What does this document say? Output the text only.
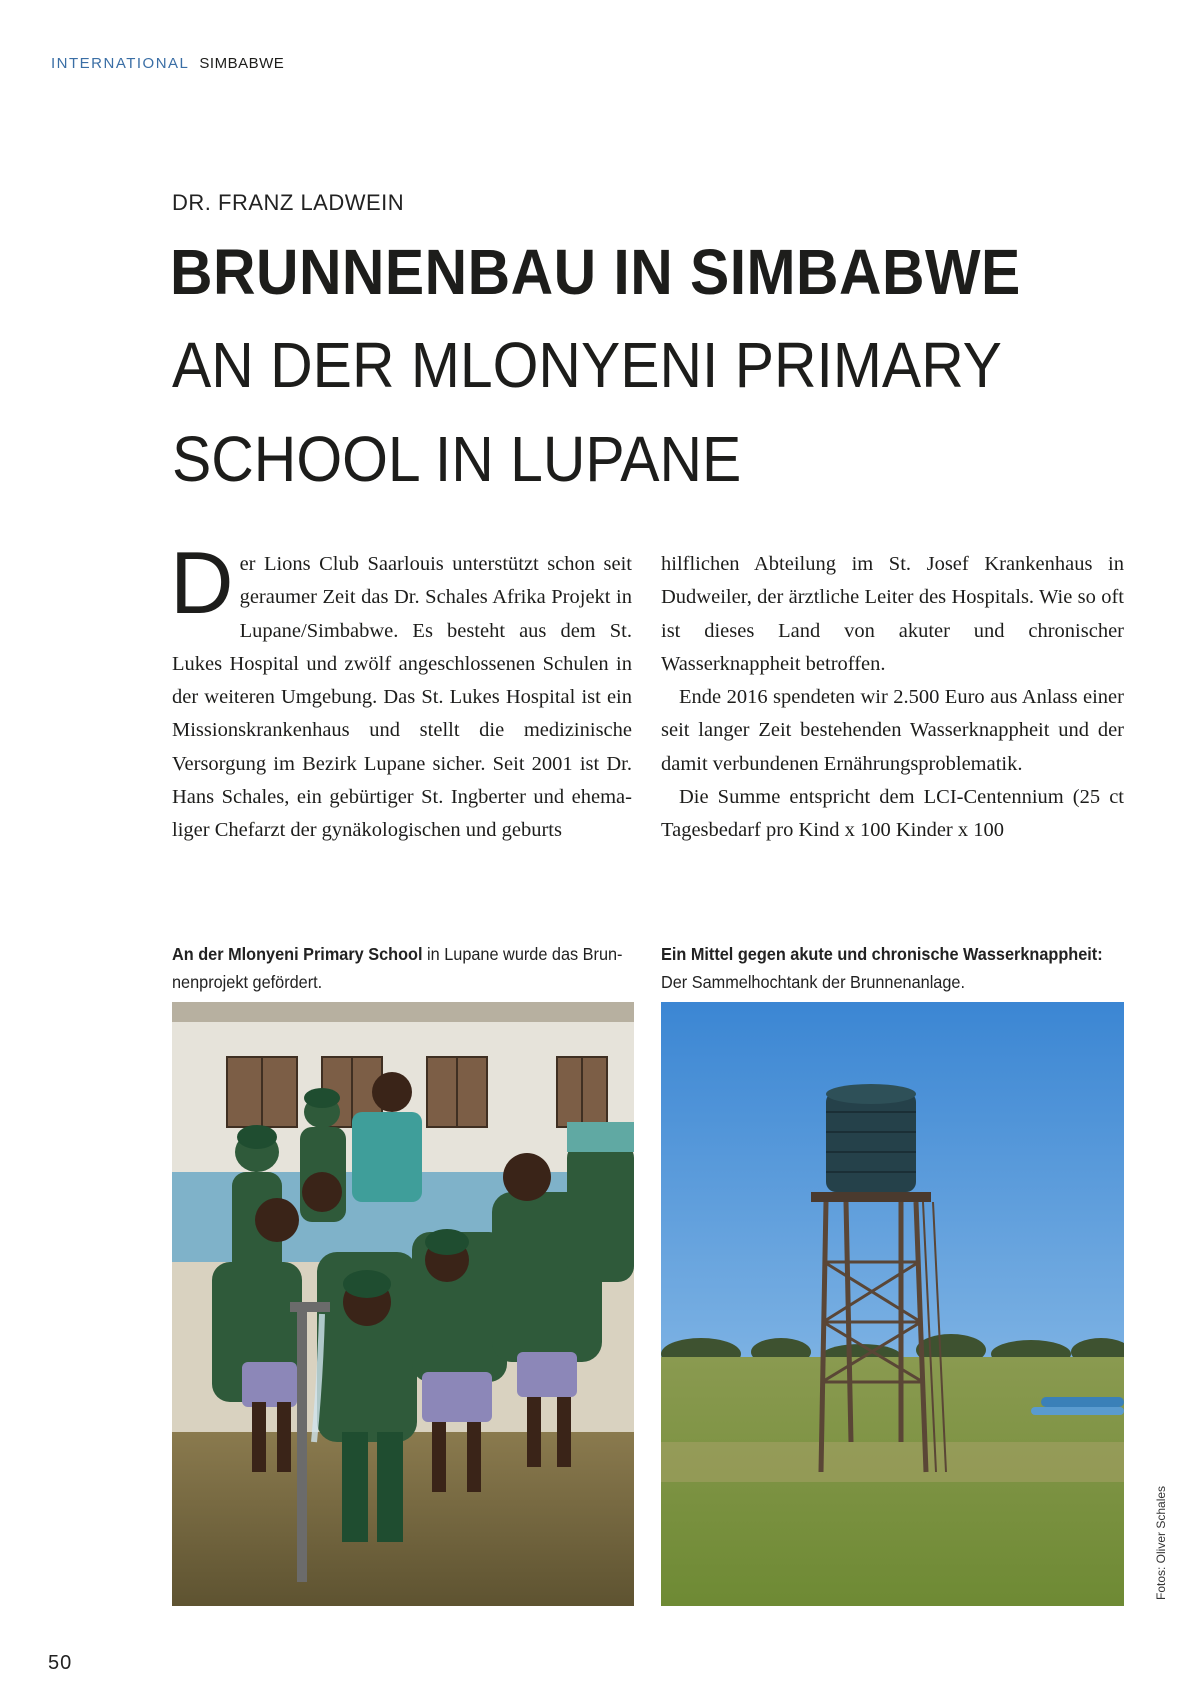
INTERNATIONAL SIMBABWE
DR. FRANZ LADWEIN
BRUNNENBAU IN SIMBABWE
AN DER MLONYENI PRIMARY
SCHOOL IN LUPANE

Der Lions Club Saarlouis unterstützt schon seit geraumer Zeit das Dr. Schales Afrika Projekt in Lupane/Simbabwe. Es besteht aus dem St. Lukes Hospital und zwölf angeschlossenen Schulen in der weiteren Umgebung. Das St. Lukes Hospital ist ein Missionskrankenhaus und stellt die medizinische Versorgung im Bezirk Lupane sicher. Seit 2001 ist Dr. Hans Schales, ein gebürtiger St. Ingberter und ehemaliger Chefarzt der gynäkologischen und geburts

hilflichen Abteilung im St. Josef Krankenhaus in Dudweiler, der ärztliche Leiter des Hospitals. Wie so oft ist dieses Land von akuter und chronischer Wasserknappheit betroffen.

Ende 2016 spendeten wir 2.500 Euro aus Anlass einer seit langer Zeit bestehenden Wasserknappheit und der damit verbundenen Ernährungsproblematik.

Die Summe entspricht dem LCI-Centennium (25 ct Tagesbedarf pro Kind x 100 Kinder x 100

An der Mlonyeni Primary School in Lupane wurde das Brunnenprojekt gefördert.
Ein Mittel gegen akute und chronische Wasserknappheit: Der Sammelhochtank der Brunnenanlage.
Fotos: Oliver Schales
50
